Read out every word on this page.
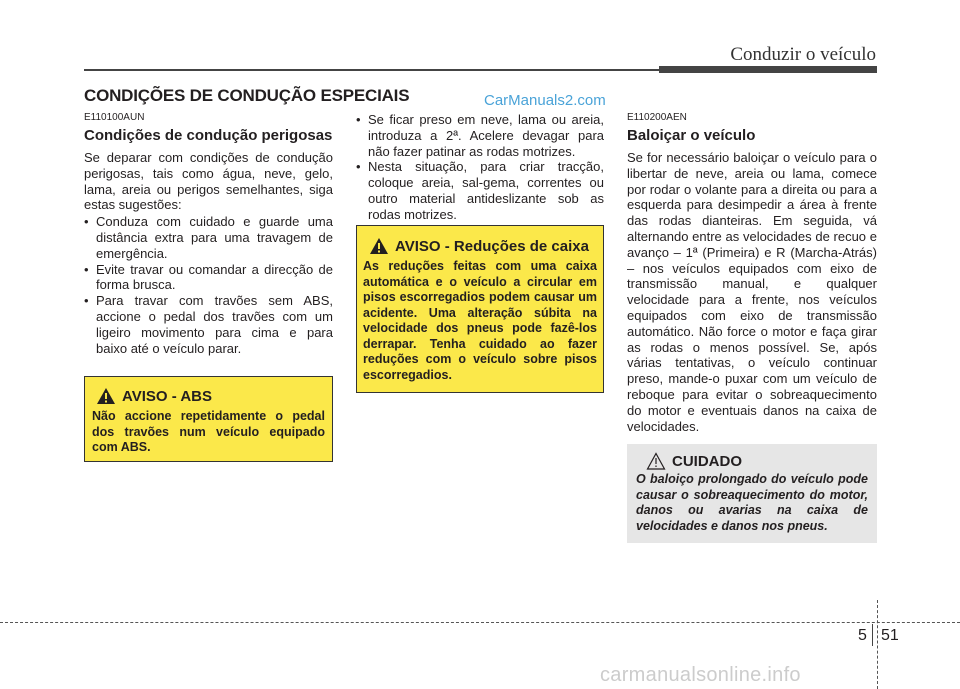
Conduzir o veículo
CONDIÇÕES DE CONDUÇÃO ESPECIAIS	CarManuals2.com
E110100AUN
Condições de condução perigosas

Se deparar com condições de condução perigosas, tais como água, neve, gelo, lama, areia ou perigos semelhantes, siga estas sugestões:

• Conduza com cuidado e guarde uma distância extra para uma travagem de emergência.
• Evite travar ou comandar a direcção de forma brusca.
• Para travar com travões sem ABS, accione o pedal dos travões com um ligeiro movimento para cima e para baixo até o veículo parar.
AVISO - ABS
Não accione repetidamente o pedal dos travões num veículo equipado com ABS.
• Se ficar preso em neve, lama ou areia, introduza a 2ª. Acelere devagar para não fazer patinar as rodas motrizes.
• Nesta situação, para criar tracção, coloque areia, sal-gema, correntes ou outro material antideslizante sob as rodas motrizes.
AVISO - Reduções de caixa
As reduções feitas com uma caixa automática e o veículo a circular em pisos escorregadios podem causar um acidente. Uma alteração súbita na velocidade dos pneus pode fazê-los derrapar. Tenha cuidado ao fazer reduções com o veículo sobre pisos escorregadios.
E110200AEN
Baloiçar o veículo

Se for necessário baloiçar o veículo para o libertar de neve, areia ou lama, comece por rodar o volante para a direita ou para a esquerda para desimpedir a área à frente das rodas dianteiras. Em seguida, vá alternando entre as velocidades de recuo e avanço – 1ª (Primeira) e R (Marcha-Atrás) – nos veículos equipados com eixo de transmissão manual, e qualquer velocidade para a frente, nos veículos equipados com eixo de transmissão automático. Não force o motor e faça girar as rodas o menos possível. Se, após várias tentativas, o veículo continuar preso, mande-o puxar com um veículo de reboque para evitar o sobreaquecimento do motor e eventuais danos na caixa de velocidades.

CUIDADO
O baloiço prolongado do veículo pode causar o sobreaquecimento do motor, danos ou avarias na caixa de velocidades e danos nos pneus.
5 51
carmanualsonline.info
